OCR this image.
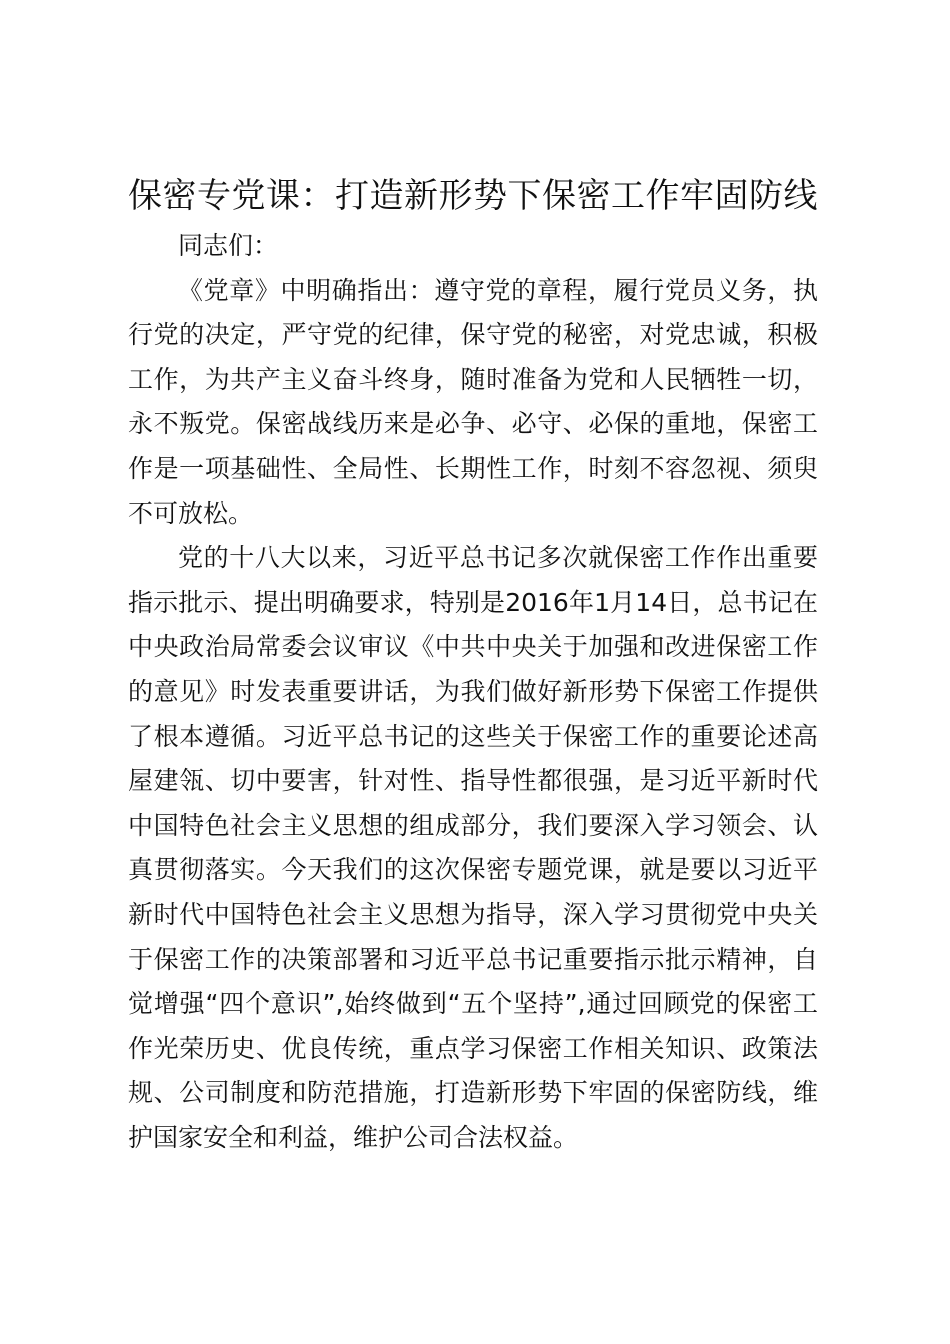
保密专党课：打造新形势下保密工作牢固防线

同志们：

《党章》中明确指出：遵守党的章程，履行党员义务，执行党的决定，严守党的纪律，保守党的秘密，对党忠诚，积极工作，为共产主义奋斗终身，随时准备为党和人民牺牲一切，永不叛党。保密战线历来是必争、必守、必保的重地，保密工作是一项基础性、全局性、长期性工作，时刻不容忽视、须臾不可放松。

党的十八大以来，习近平总书记多次就保密工作作出重要指示批示、提出明确要求，特别是2016年1月14日，总书记在中央政治局常委会议审议《中共中央关于加强和改进保密工作的意见》时发表重要讲话，为我们做好新形势下保密工作提供了根本遵循。习近平总书记的这些关于保密工作的重要论述高屋建瓴、切中要害，针对性、指导性都很强，是习近平新时代中国特色社会主义思想的组成部分，我们要深入学习领会、认真贯彻落实。今天我们的这次保密专题党课，就是要以习近平新时代中国特色社会主义思想为指导，深入学习贯彻党中央关于保密工作的决策部署和习近平总书记重要指示批示精神，自觉增强“四个意识”,始终做到“五个坚持”,通过回顾党的保密工作光荣历史、优良传统，重点学习保密工作相关知识、政策法规、公司制度和防范措施，打造新形势下牢固的保密防线，维护国家安全和利益，维护公司合法权益。
